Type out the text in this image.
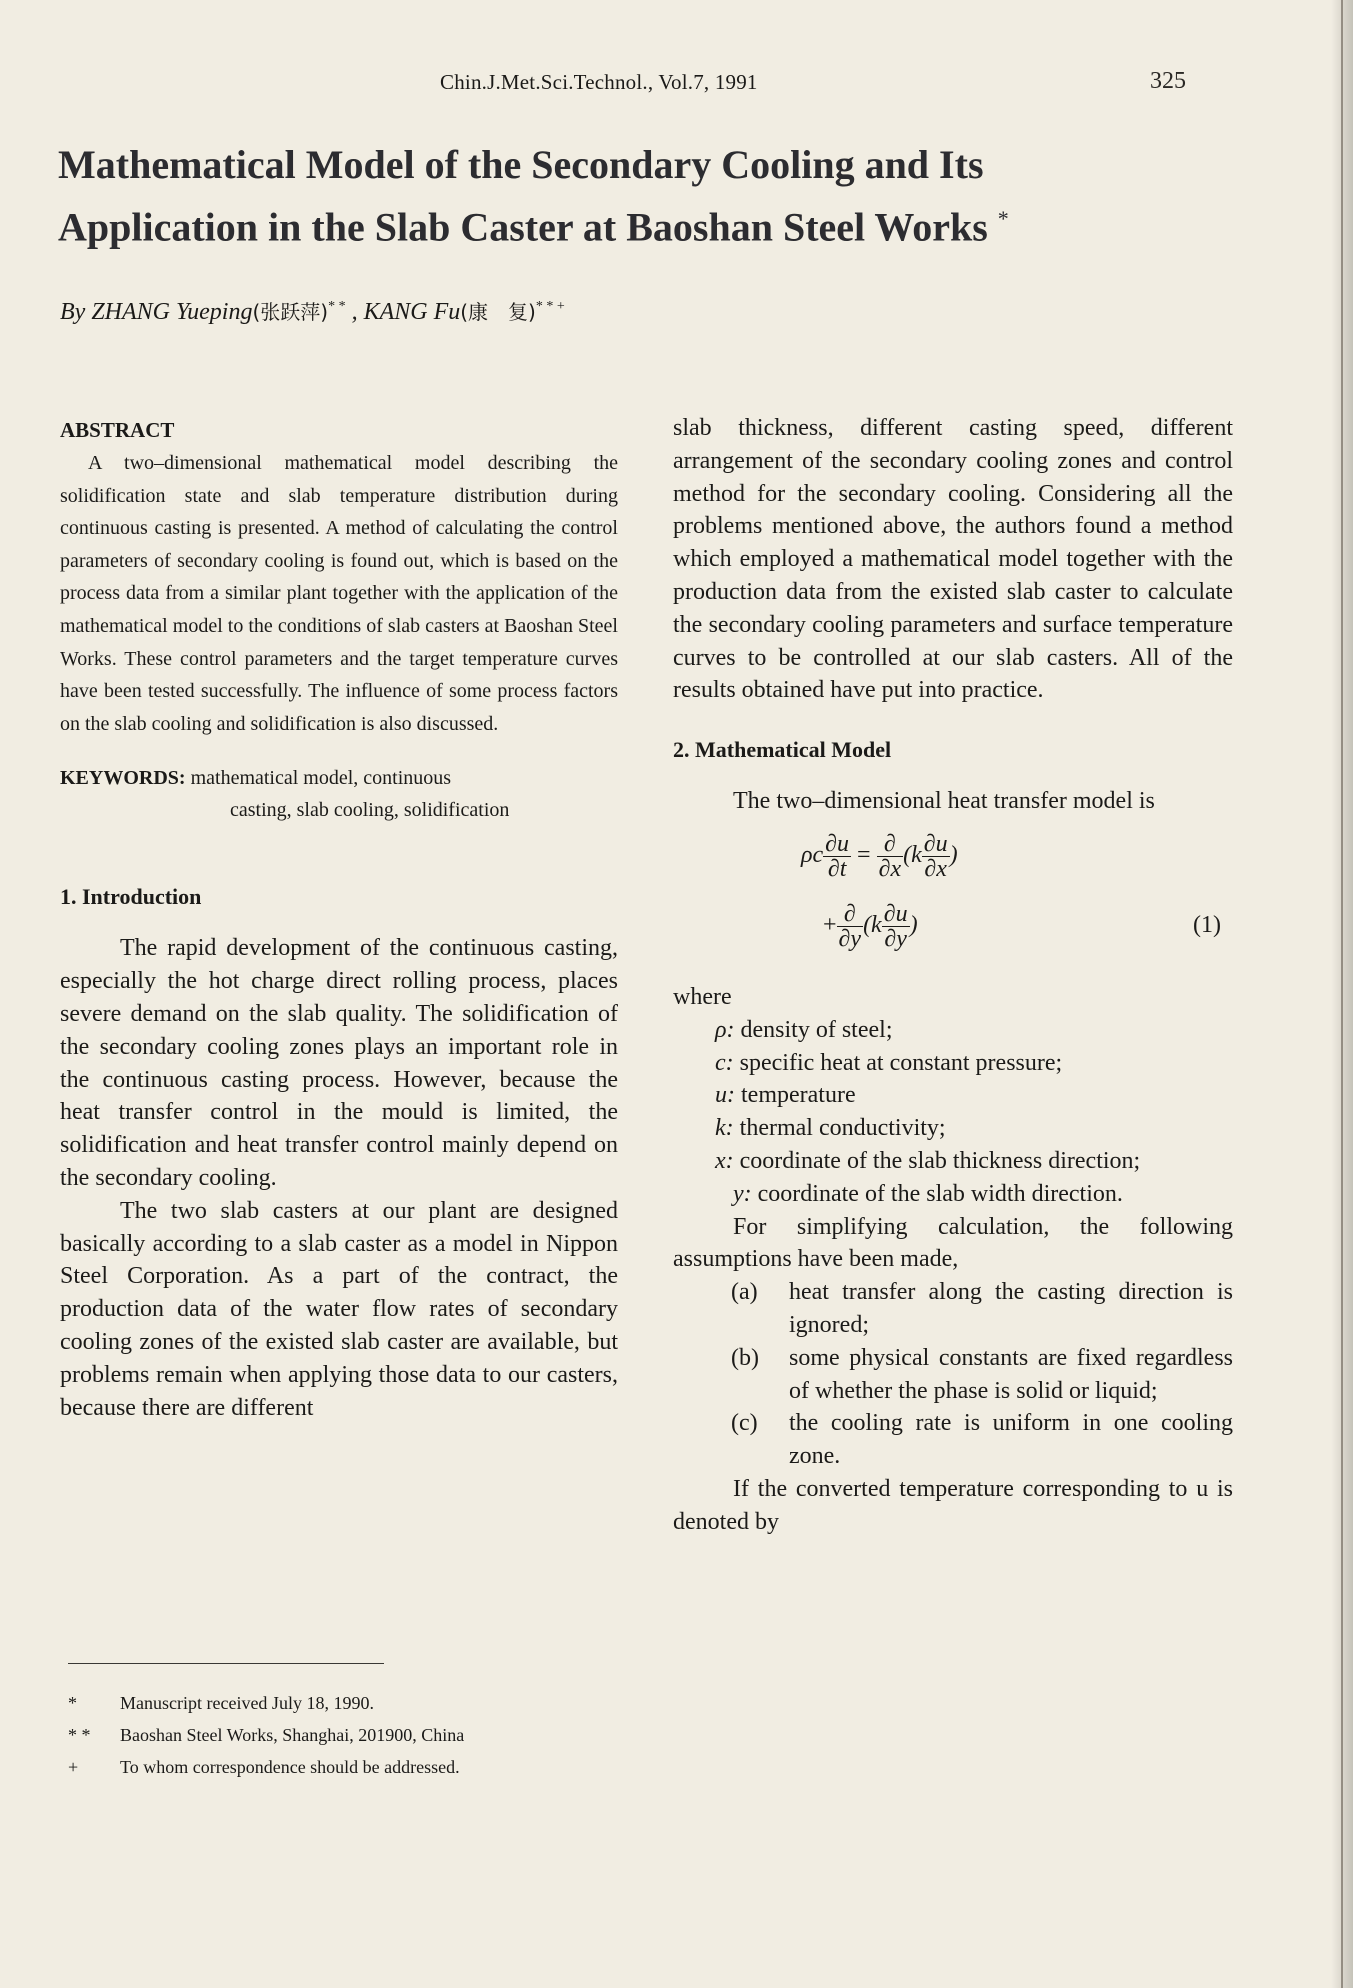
Chin.J.Met.Sci.Technol., Vol.7, 1991	325
Mathematical Model of the Secondary Cooling and Its
Application in the Slab Caster at Baoshan Steel Works *
By ZHANG Yueping(张跃萍)* * , KANG Fu(康　复)* * +

ABSTRACT

A two–dimensional mathematical model describing the solidification state and slab temperature distribution during continuous casting is presented. A method of calculating the control parameters of secondary cooling is found out, which is based on the process data from a similar plant together with the application of the mathematical model to the conditions of slab casters at Baoshan Steel Works. These control parameters and the target temperature curves have been tested successfully. The influence of some process factors on the slab cooling and solidification is also discussed.

KEYWORDS: mathematical model, continuous
casting, slab cooling, solidification

1. Introduction

The rapid development of the continuous casting, especially the hot charge direct rolling process, places severe demand on the slab quality. The solidification of the secondary cooling zones plays an important role in the continuous casting process. However, because the heat transfer control in the mould is limited, the solidification and heat transfer control mainly depend on the secondary cooling.

The two slab casters at our plant are designed basically according to a slab caster as a model in Nippon Steel Corporation. As a part of the contract, the production data of the water flow rates of secondary cooling zones of the existed slab caster are available, but problems remain when applying those data to our casters, because there are different

*	Manuscript received July 18, 1990.
* *	Baoshan Steel Works, Shanghai, 201900, China
+	To whom correspondence should be addressed.

slab thickness, different casting speed, different arrangement of the secondary cooling zones and control method for the secondary cooling. Considering all the problems mentioned above, the authors found a method which employed a mathematical model together with the production data from the existed slab caster to calculate the secondary cooling parameters and surface temperature curves to be controlled at our slab casters. All of the results obtained have put into practice.

2. Mathematical Model

The two–dimensional heat transfer model is

ρc $\frac{\partial u}{\partial t} = \frac{\partial}{\partial x} (k \frac{\partial u}{\partial x}$ )
+ $\frac{\partial}{\partial y} (k \frac{\partial u}{\partial y}$ )	(1)

where

ρ: density of steel;
c: specific heat at constant pressure;
u: temperature
k: thermal conductivity;

x: coordinate of the slab thickness direction;

y: coordinate of the slab width direction.

For simplifying calculation, the following assumptions have been made,

(a)	heat transfer along the casting direction is ignored;
(b)	some physical constants are fixed regardless of whether the phase is solid or liquid;
(c)	the cooling rate is uniform in one cooling zone.

If the converted temperature corresponding to u is denoted by
